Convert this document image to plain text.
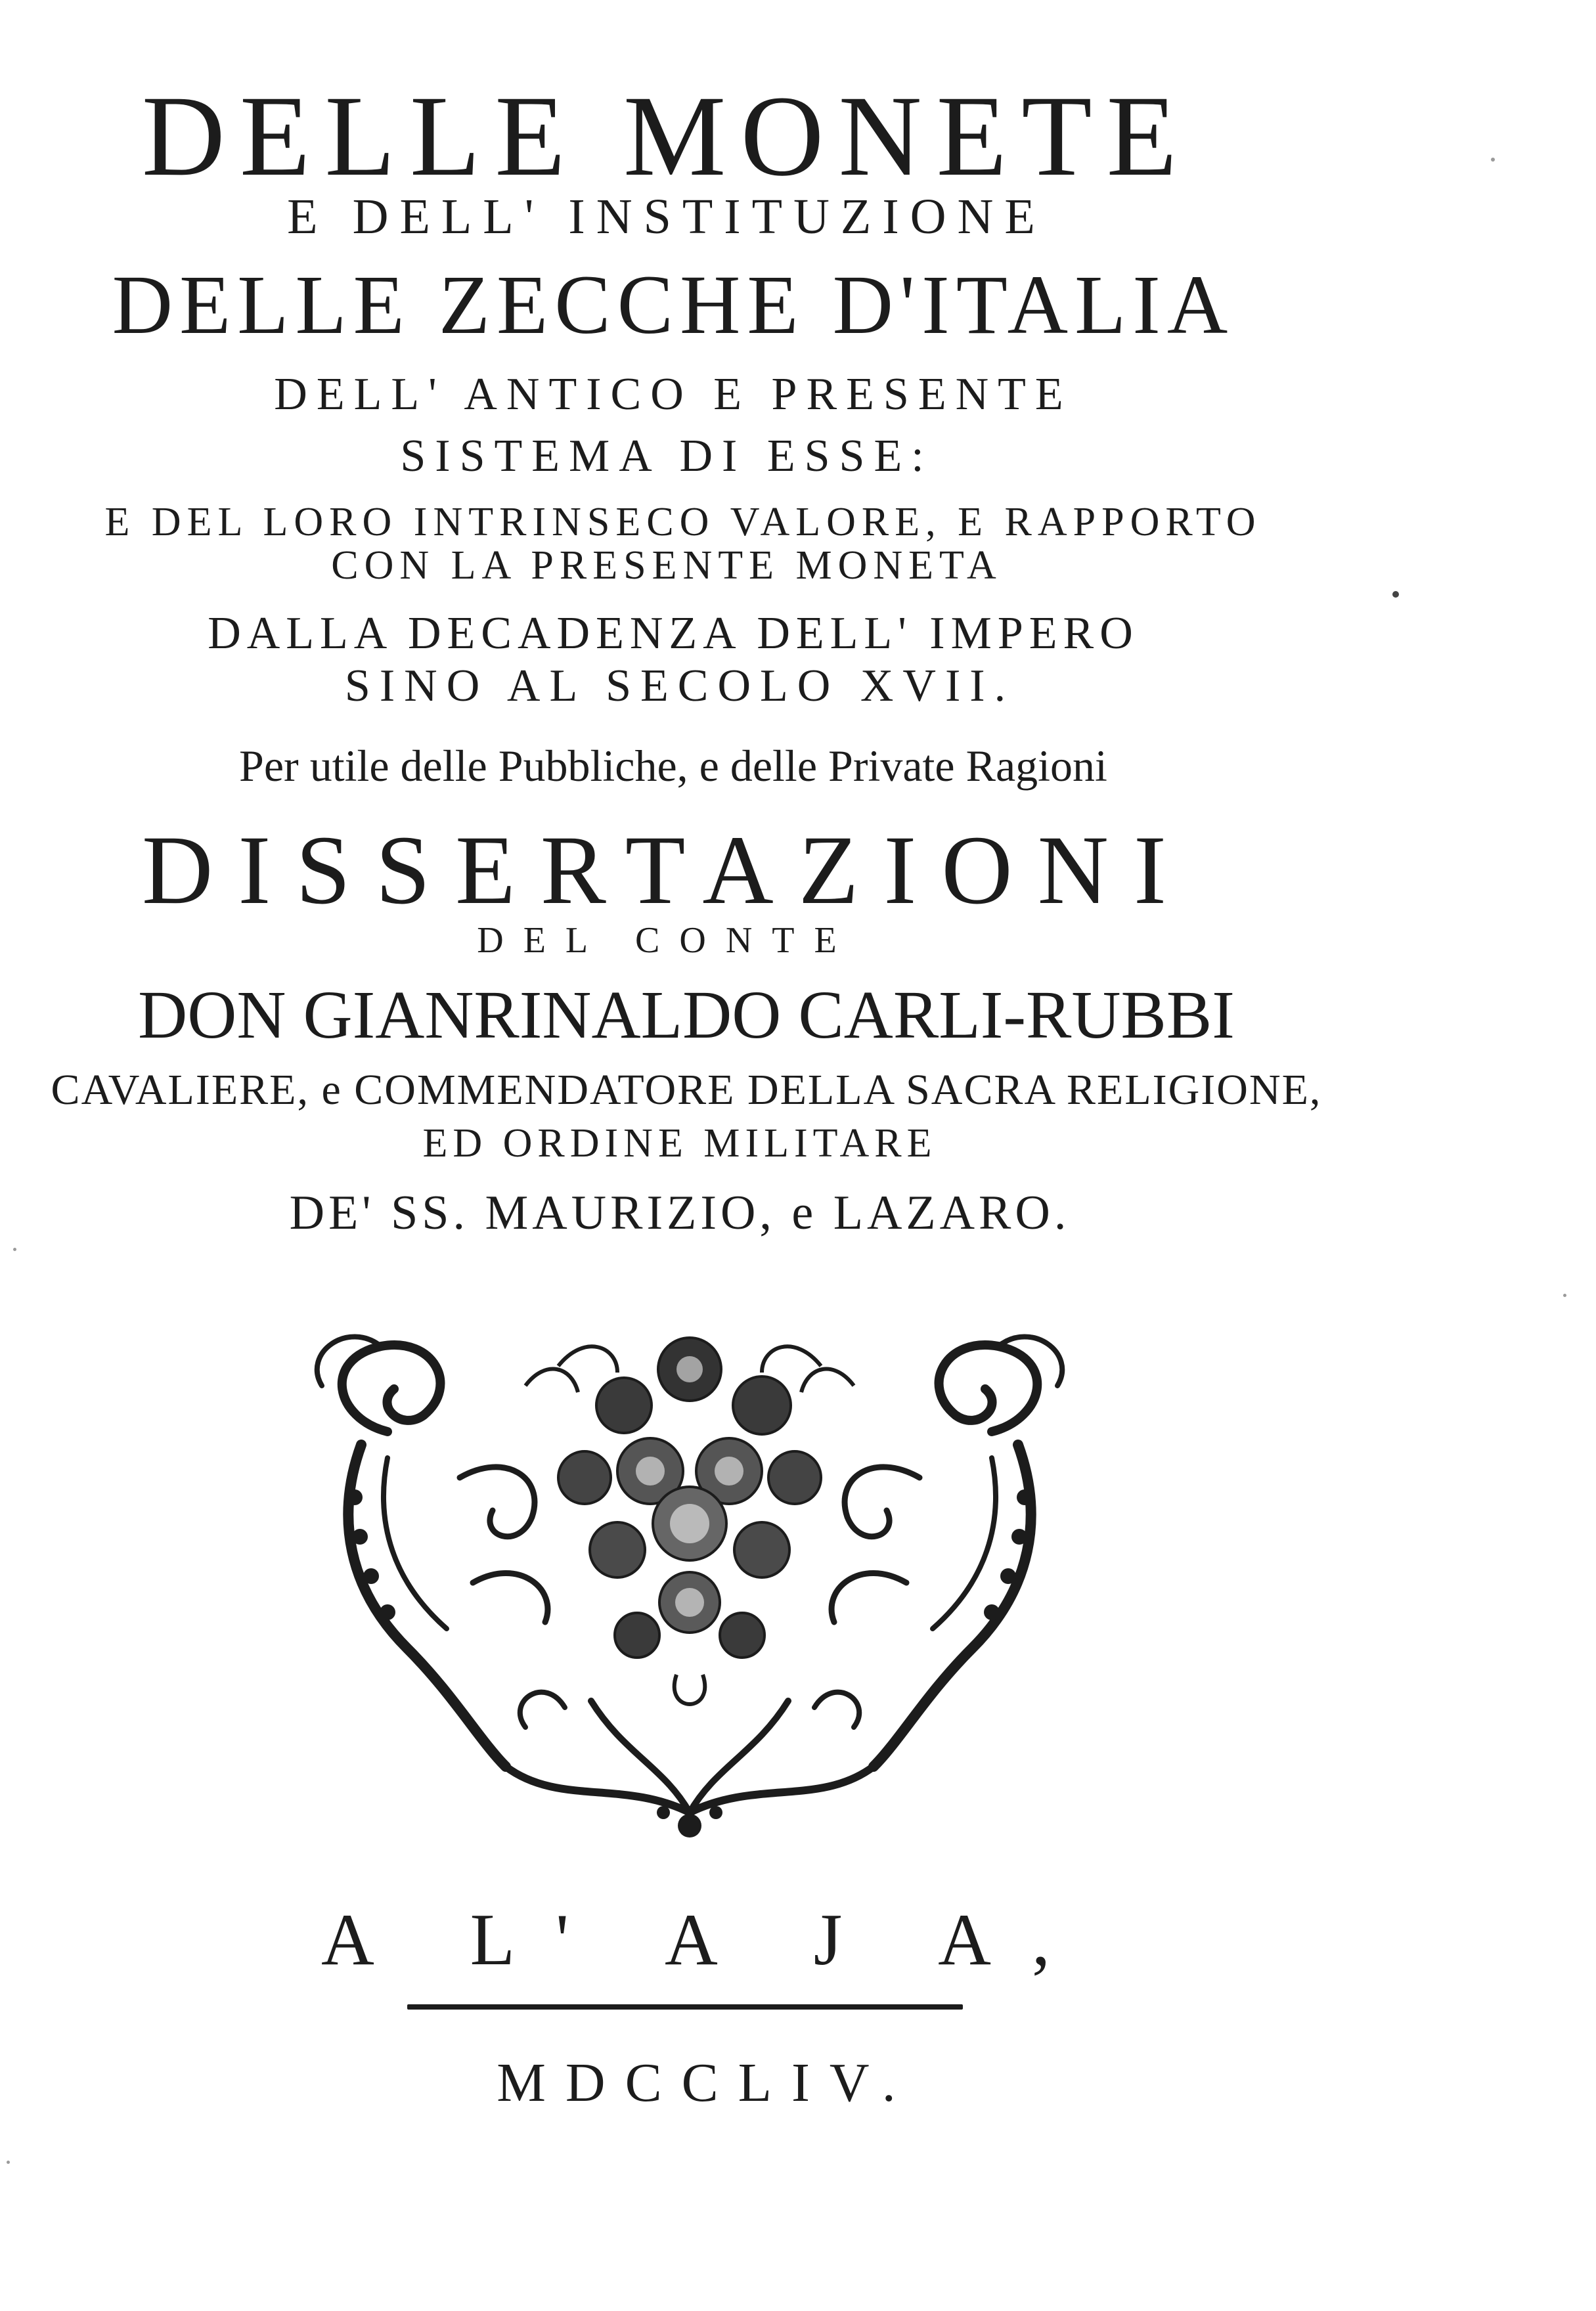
DELLE MONETE
E DELL' INSTITUZIONE
DELLE ZECCHE D'ITALIA
DELL' ANTICO E PRESENTE
SISTEMA DI ESSE:
E DEL LORO INTRINSECO VALORE, E RAPPORTO
CON LA PRESENTE MONETA
DALLA DECADENZA DELL' IMPERO
SINO AL SECOLO XVII.
Per utile delle Pubbliche, e delle Private Ragioni
DISSERTAZIONI
DEL CONTE
DON GIANRINALDO CARLI-RUBBI
CAVALIERE, e COMMENDATORE DELLA SACRA RELIGIONE,
ED ORDINE MILITARE
DE' SS. MAURIZIO, e LAZARO.
A L' A J A,
MDCCLIV.
